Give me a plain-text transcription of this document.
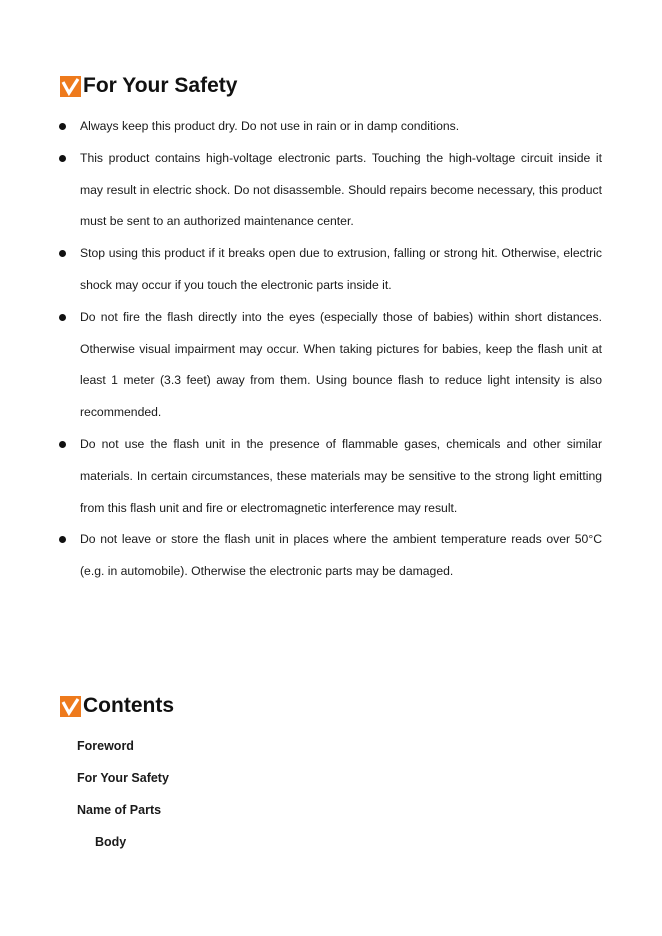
For Your Safety
Always keep this product dry. Do not use in rain or in damp conditions.
This product contains high-voltage electronic parts. Touching the high-voltage circuit inside it may result in electric shock. Do not disassemble. Should repairs become necessary, this product must be sent to an authorized maintenance center.
Stop using this product if it breaks open due to extrusion, falling or strong hit. Otherwise, electric shock may occur if you touch the electronic parts inside it.
Do not fire the flash directly into the eyes (especially those of babies) within short distances. Otherwise visual impairment may occur. When taking pictures for babies, keep the flash unit at least 1 meter (3.3 feet) away from them. Using bounce flash to reduce light intensity is also recommended.
Do not use the flash unit in the presence of flammable gases, chemicals and other similar materials. In certain circumstances, these materials may be sensitive to the strong light emitting from this flash unit and fire or electromagnetic interference may result.
Do not leave or store the flash unit in places where the ambient temperature reads over 50°C (e.g. in automobile). Otherwise the electronic parts may be damaged.
Contents
Foreword
For Your Safety
Name of Parts
Body
